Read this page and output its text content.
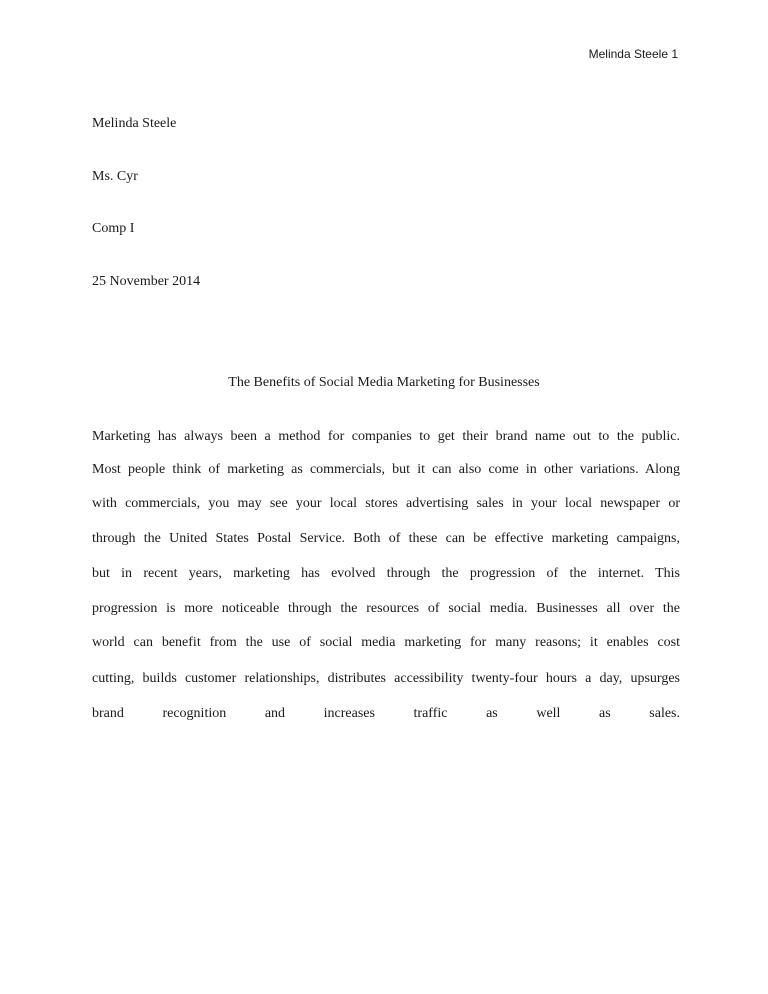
Melinda Steele 1
Melinda Steele
Ms. Cyr
Comp I
25 November 2014
The Benefits of Social Media Marketing for Businesses
Marketing has always been a method for companies to get their brand name out to the public.
Most people think of marketing as commercials, but it can also come in other variations. Along
with commercials, you may see your local stores advertising sales in your local newspaper or
through the United States Postal Service. Both of these can be effective marketing campaigns,
but in recent years, marketing has evolved through the progression of the internet. This
progression is more noticeable through the resources of social media. Businesses all over the
world can benefit from the use of social media marketing for many reasons; it enables cost
cutting, builds customer relationships, distributes accessibility twenty-four hours a day, upsurges
brand recognition and increases traffic as well as sales.
